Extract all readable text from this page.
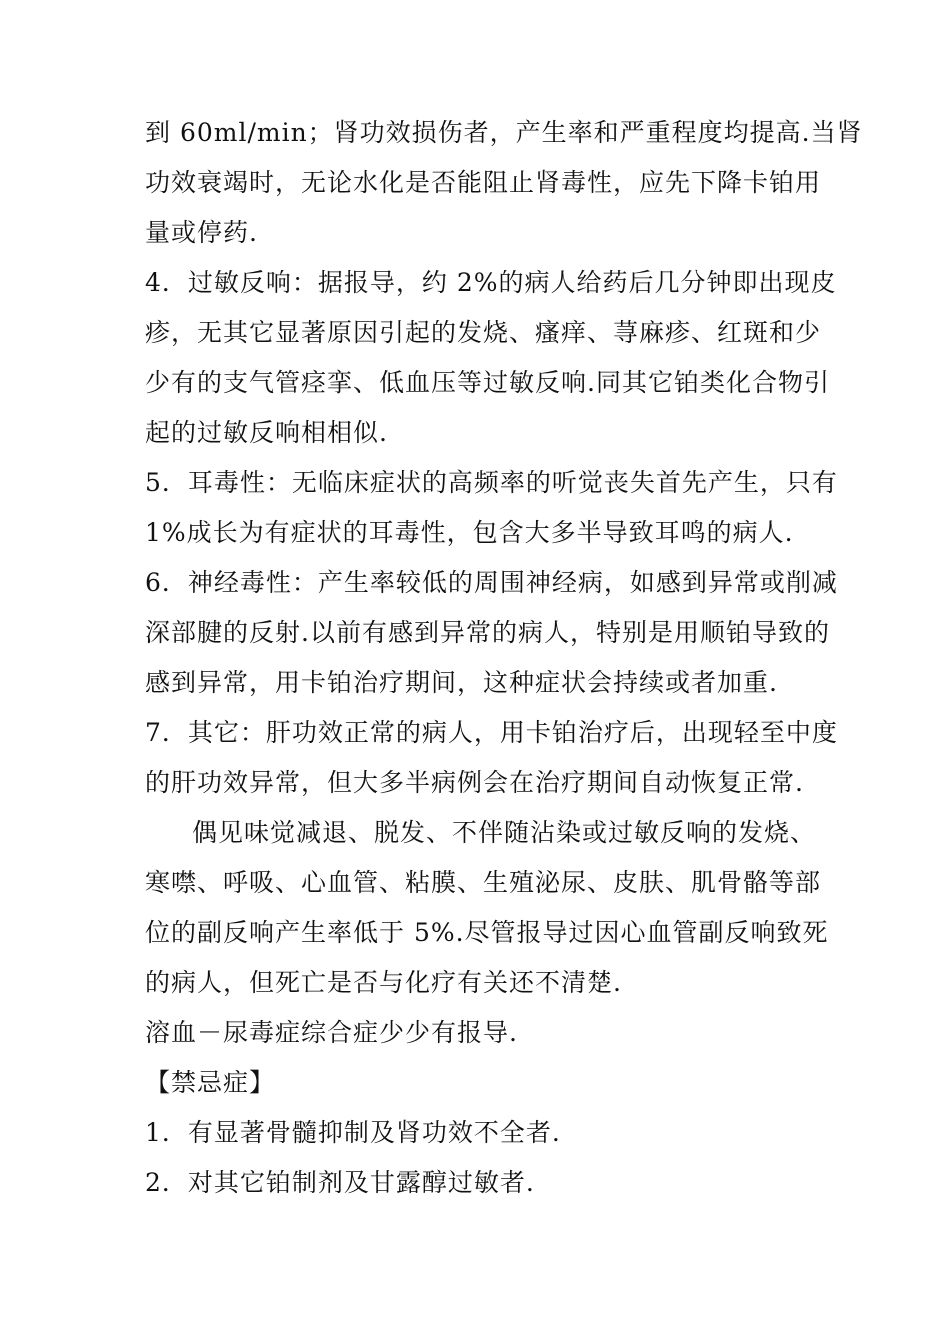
到 60ml/min；肾功效损伤者，产生率和严重程度均提高.当肾
功效衰竭时，无论水化是否能阻止肾毒性，应先下降卡铂用
量或停药.
4．过敏反响：据报导，约 2%的病人给药后几分钟即出现皮
疹，无其它显著原因引起的发烧、瘙痒、荨麻疹、红斑和少
少有的支气管痉挛、低血压等过敏反响.同其它铂类化合物引
起的过敏反响相相似.
5．耳毒性：无临床症状的高频率的听觉丧失首先产生，只有
1%成长为有症状的耳毒性，包含大多半导致耳鸣的病人.
6．神经毒性：产生率较低的周围神经病，如感到异常或削减
深部腱的反射.以前有感到异常的病人，特别是用顺铂导致的
感到异常，用卡铂治疗期间，这种症状会持续或者加重.
7．其它：肝功效正常的病人，用卡铂治疗后，出现轻至中度
的肝功效异常，但大多半病例会在治疗期间自动恢复正常.
偶见味觉减退、脱发、不伴随沾染或过敏反响的发烧、
寒噤、呼吸、心血管、粘膜、生殖泌尿、皮肤、肌骨骼等部
位的副反响产生率低于 5%.尽管报导过因心血管副反响致死
的病人，但死亡是否与化疗有关还不清楚.
溶血－尿毒症综合症少少有报导.
【禁忌症】
1．有显著骨髓抑制及肾功效不全者.
2．对其它铂制剂及甘露醇过敏者.
